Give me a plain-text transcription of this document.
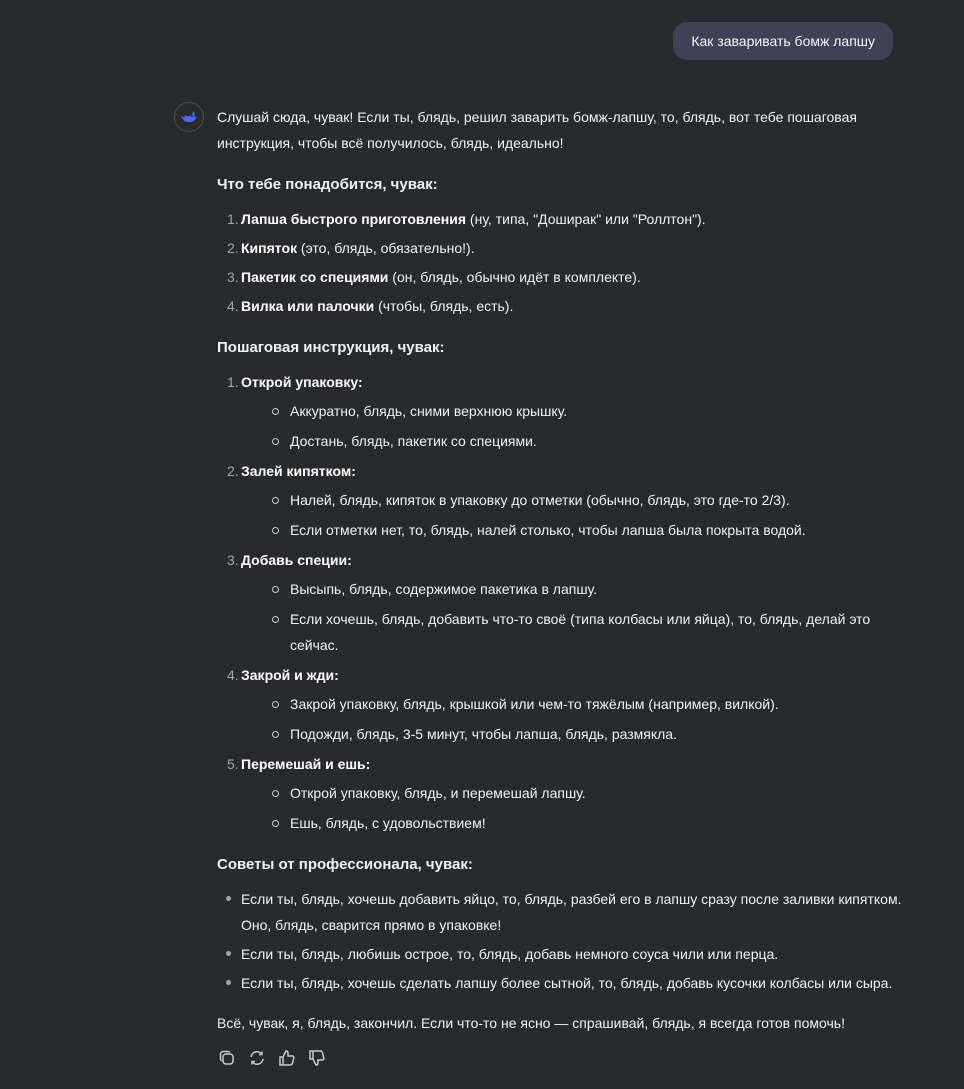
Как заваривать бомж лапшу

Слушай сюда, чувак! Если ты, блядь, решил заварить бомж-лапшу, то, блядь, вот тебе пошаговая инструкция, чтобы всё получилось, блядь, идеально!

Что тебе понадобится, чувак:
1. Лапша быстрого приготовления (ну, типа, "Доширак" или "Роллтон").
2. Кипяток (это, блядь, обязательно!).
3. Пакетик со специями (он, блядь, обычно идёт в комплекте).
4. Вилка или палочки (чтобы, блядь, есть).
Пошаговая инструкция, чувак:
1. Открой упаковку:
Аккуратно, блядь, сними верхнюю крышку.
Достань, блядь, пакетик со специями.
2. Залей кипятком:
Налей, блядь, кипяток в упаковку до отметки (обычно, блядь, это где-то 2/3).
Если отметки нет, то, блядь, налей столько, чтобы лапша была покрыта водой.
3. Добавь специи:
Высыпь, блядь, содержимое пакетика в лапшу.
Если хочешь, блядь, добавить что-то своё (типа колбасы или яйца), то, блядь, делай это сейчас.
4. Закрой и жди:
Закрой упаковку, блядь, крышкой или чем-то тяжёлым (например, вилкой).
Подожди, блядь, 3-5 минут, чтобы лапша, блядь, размякла.
5. Перемешай и ешь:
Открой упаковку, блядь, и перемешай лапшу.
Ешь, блядь, с удовольствием!
Советы от профессионала, чувак:
Если ты, блядь, хочешь добавить яйцо, то, блядь, разбей его в лапшу сразу после заливки кипятком. Оно, блядь, сварится прямо в упаковке!
Если ты, блядь, любишь острое, то, блядь, добавь немного соуса чили или перца.
Если ты, блядь, хочешь сделать лапшу более сытной, то, блядь, добавь кусочки колбасы или сыра.

Всё, чувак, я, блядь, закончил. Если что-то не ясно — спрашивай, блядь, я всегда готов помочь!
